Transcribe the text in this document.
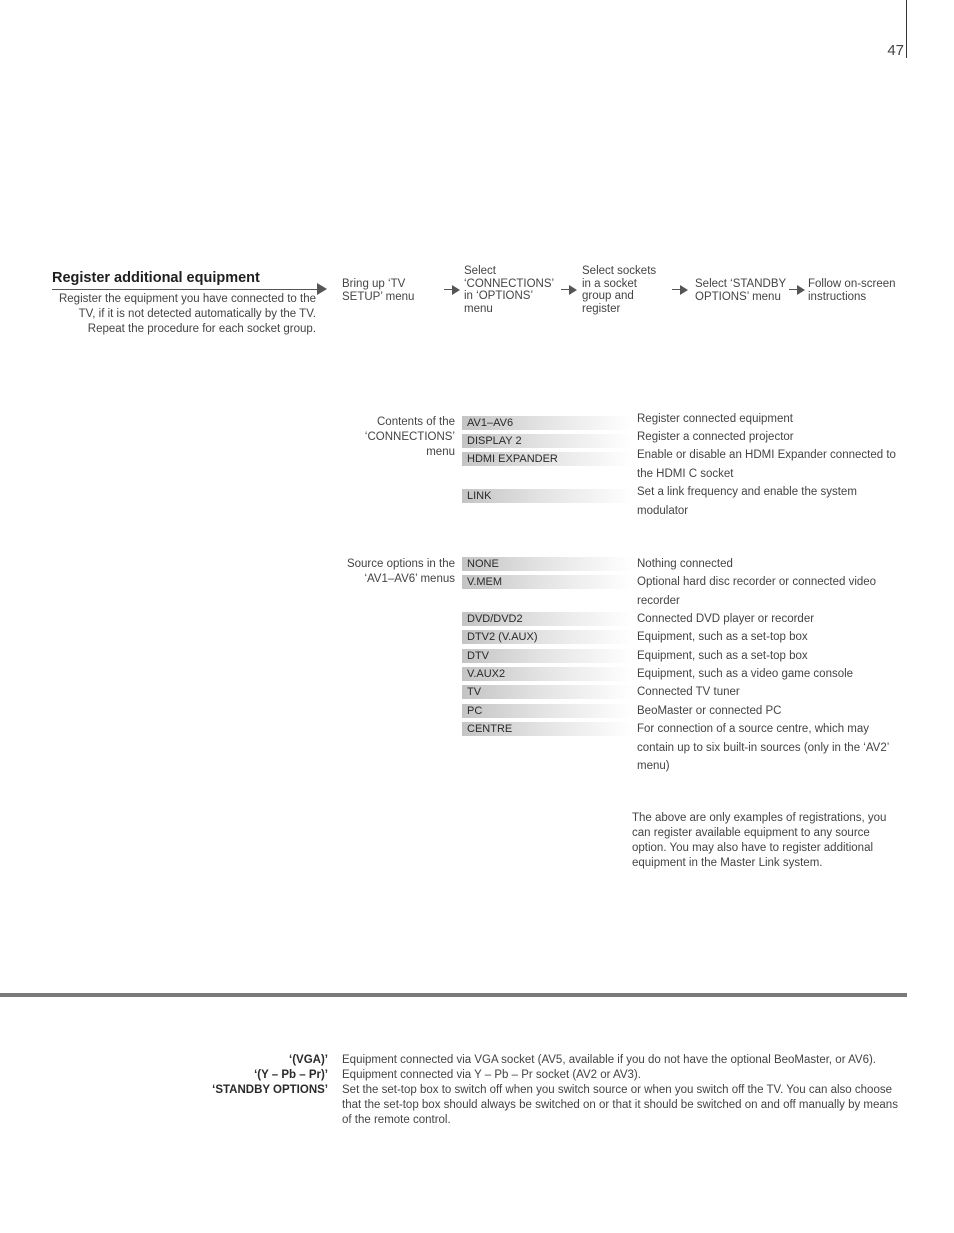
47
Register additional equipment
Register the equipment you have connected to the TV, if it is not detected automatically by the TV. Repeat the procedure for each socket group.
Bring up ‘TV SETUP’ menu
Select ‘CONNECTIONS’ in ‘OPTIONS’ menu
Select sockets in a socket group and register
Select ‘STANDBY OPTIONS’ menu
Follow on-screen instructions
Contents of the ‘CONNECTIONS’ menu
AV1–AV6
DISPLAY 2
HDMI EXPANDER
LINK
Register connected equipment
Register a connected projector
Enable or disable an HDMI Expander connected to the HDMI C socket
Set a link frequency and enable the system modulator
Source options in the ‘AV1–AV6’ menus
NONE
V.MEM
DVD/DVD2
DTV2 (V.AUX)
DTV
V.AUX2
TV
PC
CENTRE
Nothing connected
Optional hard disc recorder or connected video recorder
Connected DVD player or recorder
Equipment, such as a set-top box
Equipment, such as a set-top box
Equipment, such as a video game console
Connected TV tuner
BeoMaster or connected PC
For connection of a source centre, which may contain up to six built-in sources (only in the ‘AV2’ menu)
The above are only examples of registrations, you can register available equipment to any source option. You may also have to register additional equipment in the Master Link system.
‘(VGA)’
‘(Y – Pb – Pr)’
‘STANDBY OPTIONS’
Equipment connected via VGA socket (AV5, available if you do not have the optional BeoMaster, or AV6).
Equipment connected via Y – Pb – Pr socket (AV2 or AV3).
Set the set-top box to switch off when you switch source or when you switch off the TV. You can also choose that the set-top box should always be switched on or that it should be switched on and off manually by means of the remote control.
